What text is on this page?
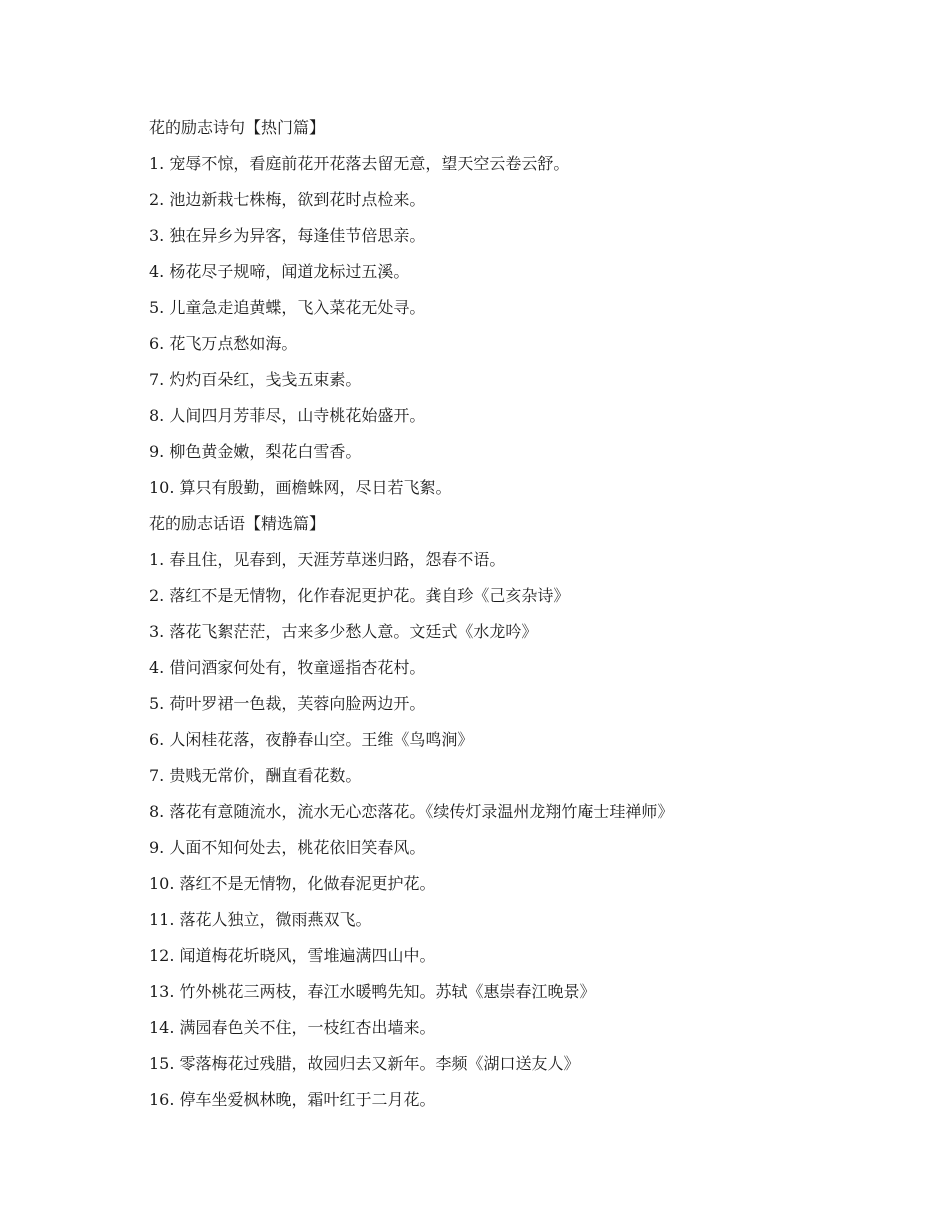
花的励志诗句【热门篇】
1. 宠辱不惊，看庭前花开花落去留无意，望天空云卷云舒。
2. 池边新栽七株梅，欲到花时点检来。
3. 独在异乡为异客，每逢佳节倍思亲。
4. 杨花尽子规啼，闻道龙标过五溪。
5. 儿童急走追黄蝶，飞入菜花无处寻。
6. 花飞万点愁如海。
7. 灼灼百朵红，戋戋五束素。
8. 人间四月芳菲尽，山寺桃花始盛开。
9. 柳色黄金嫩，梨花白雪香。
10. 算只有殷勤，画檐蛛网，尽日若飞絮。
花的励志话语【精选篇】
1. 春且住，见春到，天涯芳草迷归路，怨春不语。
2. 落红不是无情物，化作春泥更护花。龚自珍《己亥杂诗》
3. 落花飞絮茫茫，古来多少愁人意。文廷式《水龙吟》
4. 借问酒家何处有，牧童遥指杏花村。
5. 荷叶罗裙一色裁，芙蓉向脸两边开。
6. 人闲桂花落，夜静春山空。王维《鸟鸣涧》
7. 贵贱无常价，酬直看花数。
8. 落花有意随流水，流水无心恋落花。《续传灯录温州龙翔竹庵士珪禅师》
9. 人面不知何处去，桃花依旧笑春风。
10. 落红不是无情物，化做春泥更护花。
11. 落花人独立，微雨燕双飞。
12. 闻道梅花圻晓风，雪堆遍满四山中。
13. 竹外桃花三两枝，春江水暖鸭先知。苏轼《惠崇春江晚景》
14. 满园春色关不住，一枝红杏出墙来。
15. 零落梅花过残腊，故园归去又新年。李频《湖口送友人》
16. 停车坐爱枫林晚，霜叶红于二月花。
